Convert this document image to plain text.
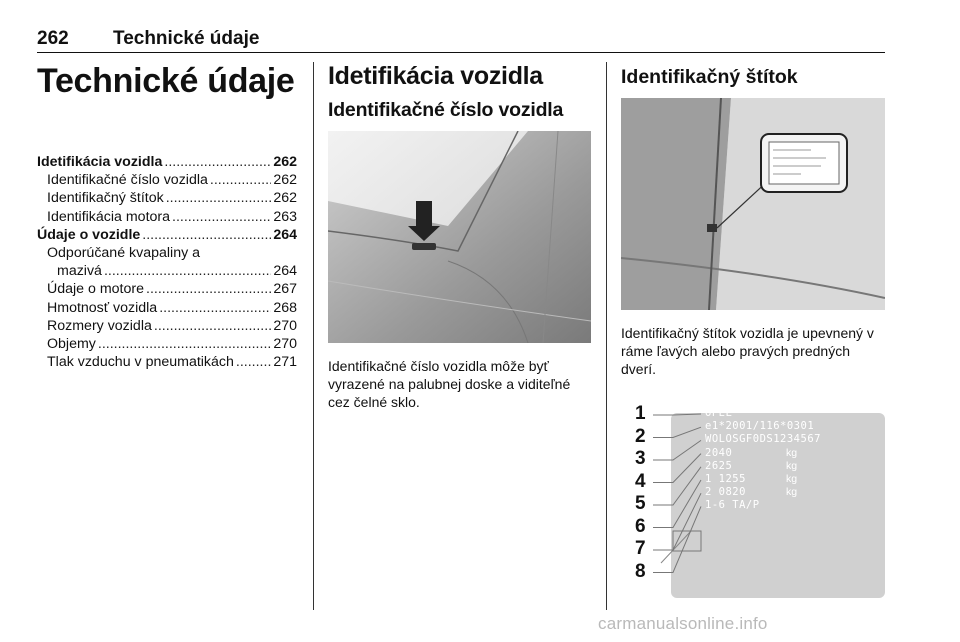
262 Technické údaje
Technické údaje
Idetifikácia vozidla .....	262
Identifikačné číslo vozidla .....	262
Identifikačný štítok .....	262
Identifikácia motora .....	263
Údaje o vozidle .....	264
Odporúčané kvapaliny a
mazivá .....	264
Údaje o motore .....	267
Hmotnosť vozidla .....	268
Rozmery vozidla .....	270
Objemy .....	270
Tlak vzduchu v pneumatikách .....	271
Idetifikácia vozidla
Identifikačné číslo vozidla

Identifikačné číslo vozidla môže byť vyrazené na palubnej doske a viditeľné cez čelné sklo.

Identifikačný štítok

Identifikačný štítok vozidla je upevnený v ráme ľavých alebo pravých predných dverí.

1
2
3
4
5
6
7
8
OPEL
e1*2001/116*0301
WOLOSGF0DS1234567
2040
2625
1 1255
2 0820
1-6 TA/P
kg
kg
kg
kg
carmanualsonline.info
